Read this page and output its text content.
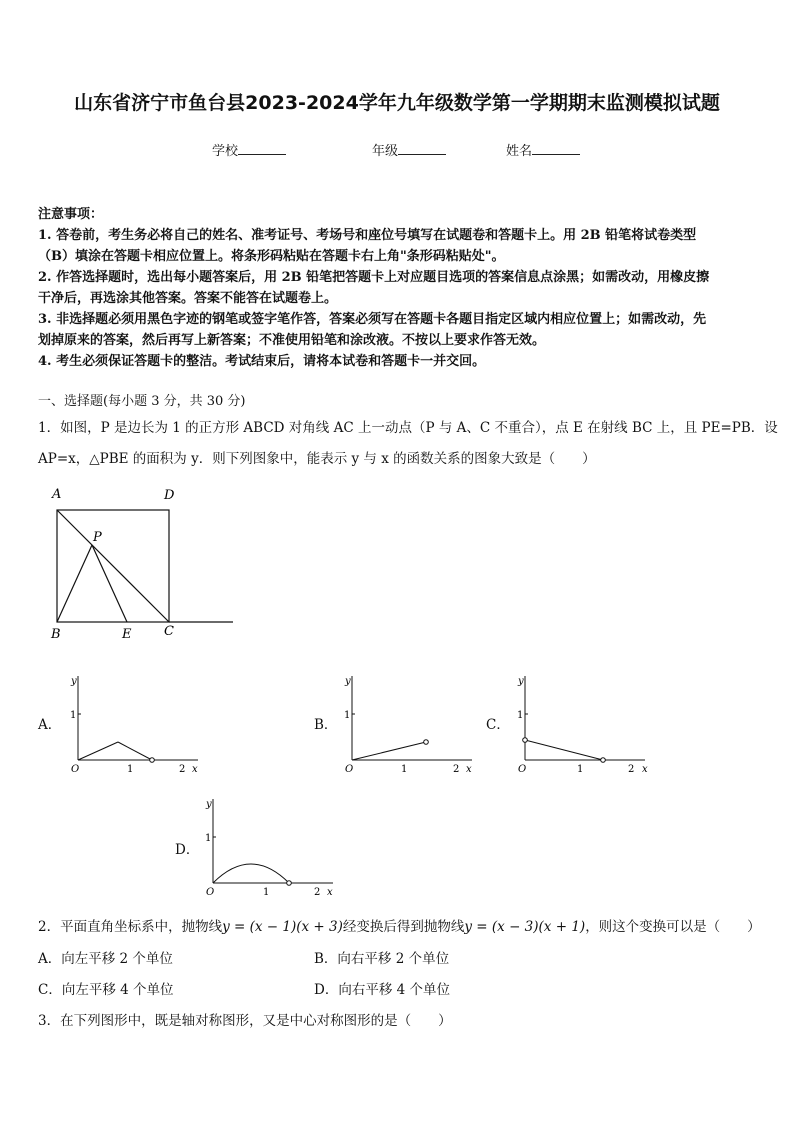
山东省济宁市鱼台县2023-2024学年九年级数学第一学期期末监测模拟试题
学校	年级	姓名
注意事项：
1. 答卷前，考生务必将自己的姓名、准考证号、考场号和座位号填写在试题卷和答题卡上。用 2B 铅笔将试卷类型
（B）填涂在答题卡相应位置上。将条形码粘贴在答题卡右上角"条形码粘贴处"。
2. 作答选择题时，选出每小题答案后，用 2B 铅笔把答题卡上对应题目选项的答案信息点涂黑；如需改动，用橡皮擦
干净后，再选涂其他答案。答案不能答在试题卷上。
3. 非选择题必须用黑色字迹的钢笔或签字笔作答，答案必须写在答题卡各题目指定区域内相应位置上；如需改动，先
划掉原来的答案，然后再写上新答案；不准使用铅笔和涂改液。不按以上要求作答无效。
4. 考生必须保证答题卡的整洁。考试结束后，请将本试卷和答题卡一并交回。
一、选择题(每小题 3 分，共 30 分)
1．如图，P 是边长为 1 的正方形 ABCD 对角线 AC 上一动点（P 与 A、C 不重合），点 E 在射线 BC 上，且 PE=PB．设
AP=x，△PBE 的面积为 y．则下列图象中，能表示 y 与 x 的函数关系的图象大致是（　　）
A	D
P
B	E	C
A．	B．	C．
D．
y
1
O	1	2 x
y
1
O	1	2 x
y
1
O	1	2 x
y
1
O	1	2 x
2．平面直角坐标系中，抛物线y = (x − 1)(x + 3)经变换后得到抛物线y = (x − 3)(x + 1)，则这个变换可以是（　　）
A．向左平移 2 个单位	B．向右平移 2 个单位
C．向左平移 4 个单位	D．向右平移 4 个单位
3．在下列图形中，既是轴对称图形，又是中心对称图形的是（　　）
